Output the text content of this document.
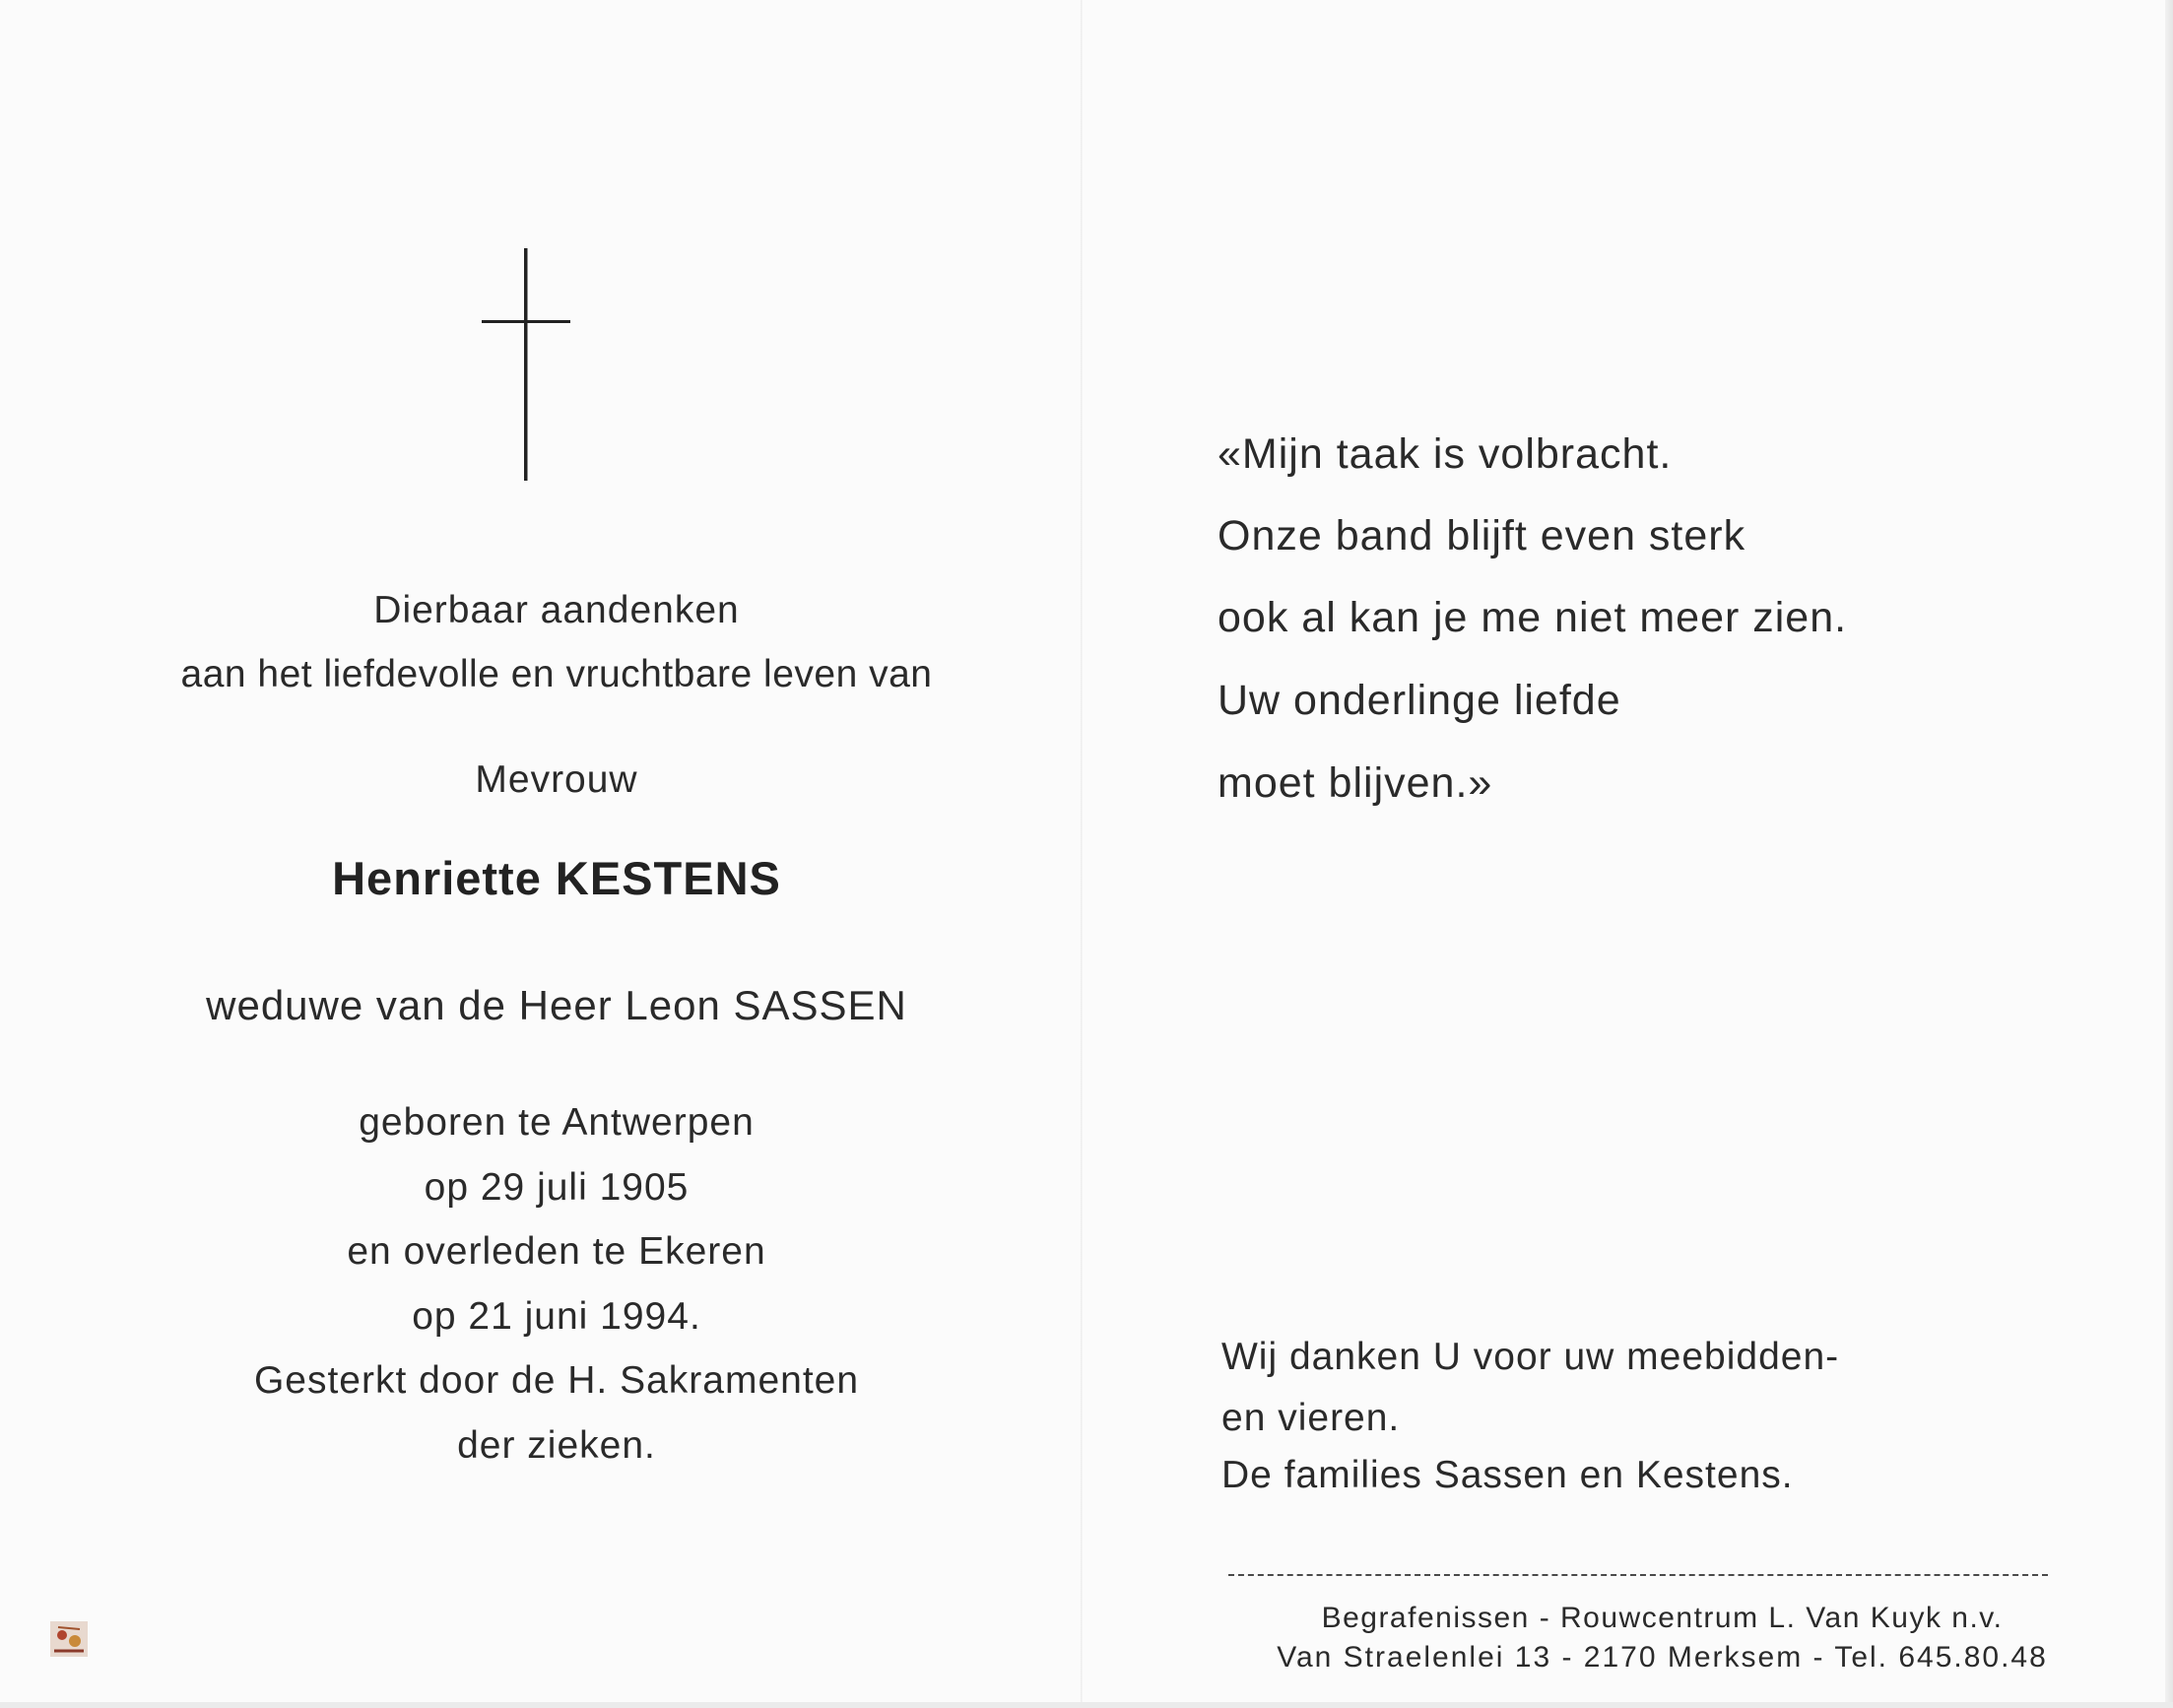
Dierbaar aandenken
aan het liefdevolle en vruchtbare leven van
Mevrouw
Henriette KESTENS
weduwe van de Heer Leon SASSEN
geboren te Antwerpen
op 29 juli 1905
en overleden te Ekeren
op 21 juni 1994.
Gesterkt door de H. Sakramenten
der zieken.
«Mijn taak is volbracht.
Onze band blijft even sterk
ook al kan je me niet meer zien.
Uw onderlinge liefde
moet blijven.»
Wij danken U voor uw meebidden-
en vieren.
De families Sassen en Kestens.
Begrafenissen - Rouwcentrum L. Van Kuyk n.v.
Van Straelenlei 13 - 2170 Merksem - Tel. 645.80.48
